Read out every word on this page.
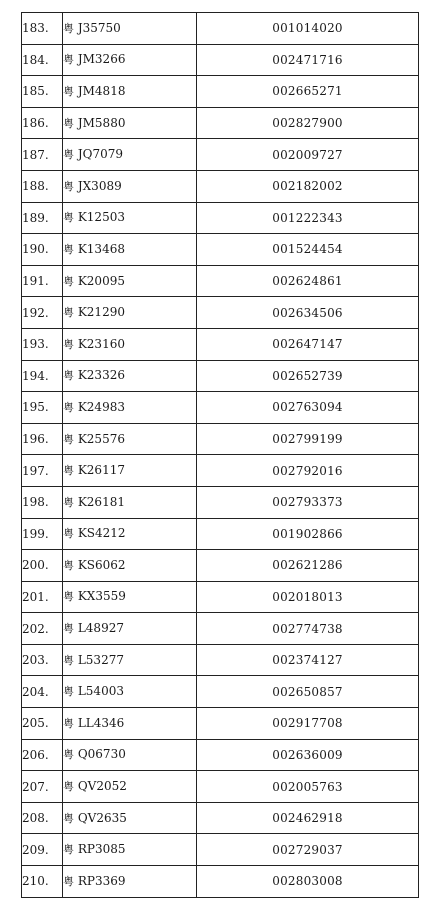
183.	粤 J35750	001014020
184.	粤 JM3266	002471716
185.	粤 JM4818	002665271
186.	粤 JM5880	002827900
187.	粤 JQ7079	002009727
188.	粤 JX3089	002182002
189.	粤 K12503	001222343
190.	粤 K13468	001524454
191.	粤 K20095	002624861
192.	粤 K21290	002634506
193.	粤 K23160	002647147
194.	粤 K23326	002652739
195.	粤 K24983	002763094
196.	粤 K25576	002799199
197.	粤 K26117	002792016
198.	粤 K26181	002793373
199.	粤 KS4212	001902866
200.	粤 KS6062	002621286
201.	粤 KX3559	002018013
202.	粤 L48927	002774738
203.	粤 L53277	002374127
204.	粤 L54003	002650857
205.	粤 LL4346	002917708
206.	粤 Q06730	002636009
207.	粤 QV2052	002005763
208.	粤 QV2635	002462918
209.	粤 RP3085	002729037
210.	粤 RP3369	002803008
